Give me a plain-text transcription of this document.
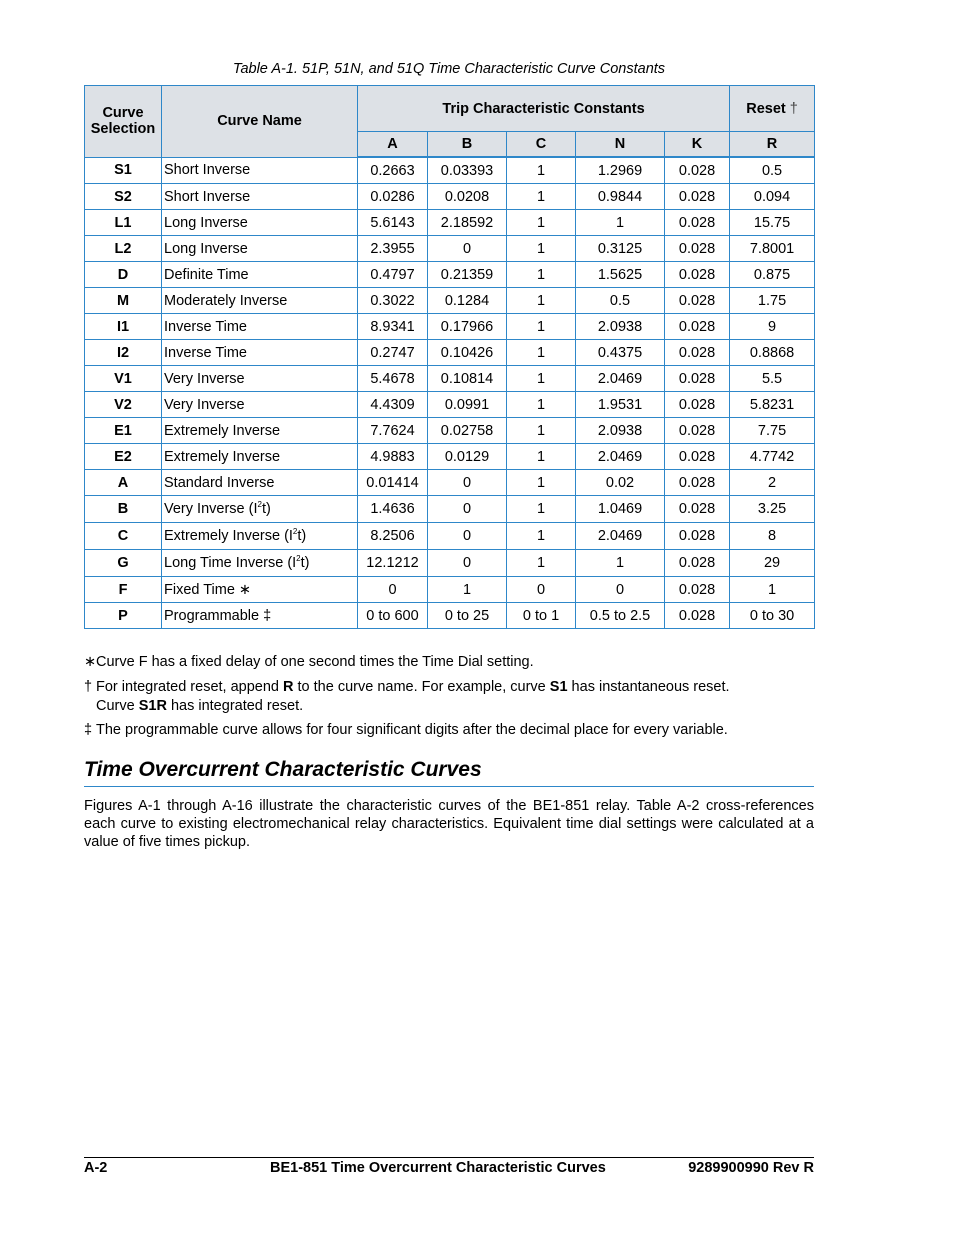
Table A-1. 51P, 51N, and 51Q Time Characteristic Curve Constants
Curve Selection	Curve Name	Trip Characteristic Constants					Reset †
		A	B	C	N	K	R
S1	Short Inverse	0.2663	0.03393	1	1.2969	0.028	0.5
S2	Short Inverse	0.0286	0.0208	1	0.9844	0.028	0.094
L1	Long Inverse	5.6143	2.18592	1	1	0.028	15.75
L2	Long Inverse	2.3955	0	1	0.3125	0.028	7.8001
D	Definite Time	0.4797	0.21359	1	1.5625	0.028	0.875
M	Moderately Inverse	0.3022	0.1284	1	0.5	0.028	1.75
I1	Inverse Time	8.9341	0.17966	1	2.0938	0.028	9
I2	Inverse Time	0.2747	0.10426	1	0.4375	0.028	0.8868
V1	Very Inverse	5.4678	0.10814	1	2.0469	0.028	5.5
V2	Very Inverse	4.4309	0.0991	1	1.9531	0.028	5.8231
E1	Extremely Inverse	7.7624	0.02758	1	2.0938	0.028	7.75
E2	Extremely Inverse	4.9883	0.0129	1	2.0469	0.028	4.7742
A	Standard Inverse	0.01414	0	1	0.02	0.028	2
B	Very Inverse $(I^2t)$	1.4636	0	1	1.0469	0.028	3.25
C	Extremely Inverse $(I^2t)$	8.2506	0	1	2.0469	0.028	8
G	Long Time Inverse $(I^2t)$	12.1212	0	1	1	0.028	29
F	Fixed Time ∗	0	1	0	0	0.028	1
P	Programmable ‡	0 to 600	0 to 25	0 to 1	0.5 to 2.5	0.028	0 to 30
∗Curve F has a fixed delay of one second times the Time Dial setting.
† For integrated reset, append R to the curve name. For example, curve S1 has instantaneous reset.
Curve S1R has integrated reset.
‡ The programmable curve allows for four significant digits after the decimal place for every variable.
Time Overcurrent Characteristic Curves
Figures A-1 through A-16 illustrate the characteristic curves of the BE1-851 relay. Table A-2 cross-references each curve to existing electromechanical relay characteristics. Equivalent time dial settings were calculated at a value of five times pickup.
A-2	BE1-851 Time Overcurrent Characteristic Curves	9289900990 Rev R
